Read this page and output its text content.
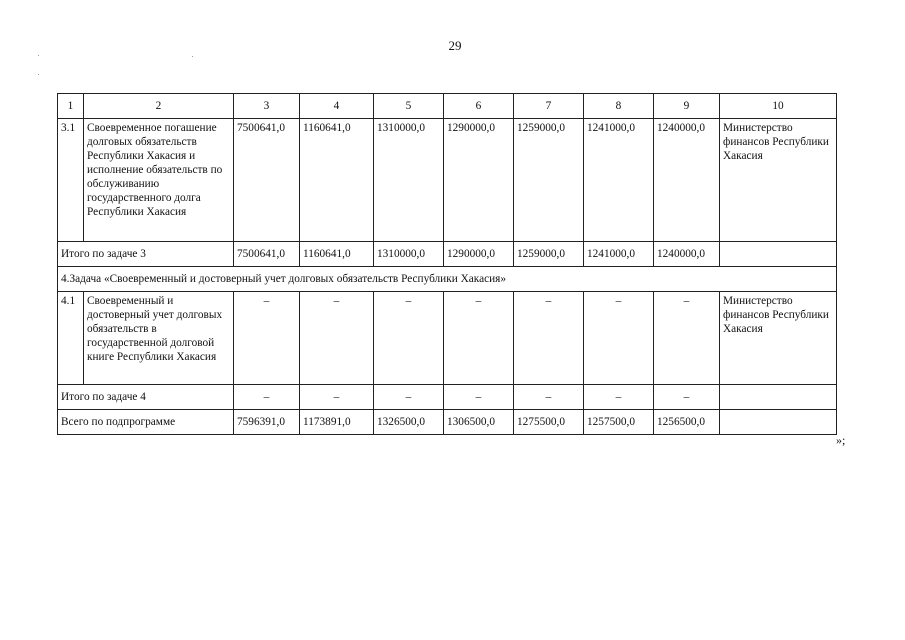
29
1	2	3	4	5	6	7	8	9	10
3.1	Своевременное погашение долговых обязательств Республики Хакасия и исполнение обязательств по обслуживанию государственного долга Республики Хакасия	7500641,0	1160641,0	1310000,0	1290000,0	1259000,0	1241000,0	1240000,0	Министерство финансов Республики Хакасия
Итого по задаче 3		7500641,0	1160641,0	1310000,0	1290000,0	1259000,0	1241000,0	1240000,0	
4.Задача «Своевременный и достоверный учет долговых обязательств Республики Хакасия»									
4.1	Своевременный и достоверный учет долговых обязательств в государственной долговой книге Республики Хакасия	–	–	–	–	–	–	–	Министерство финансов Республики Хакасия
Итого по задаче 4		–	–	–	–	–	–	–	
Всего по подпрограмме		7596391,0	1173891,0	1326500,0	1306500,0	1275500,0	1257500,0	1256500,0	
»;
